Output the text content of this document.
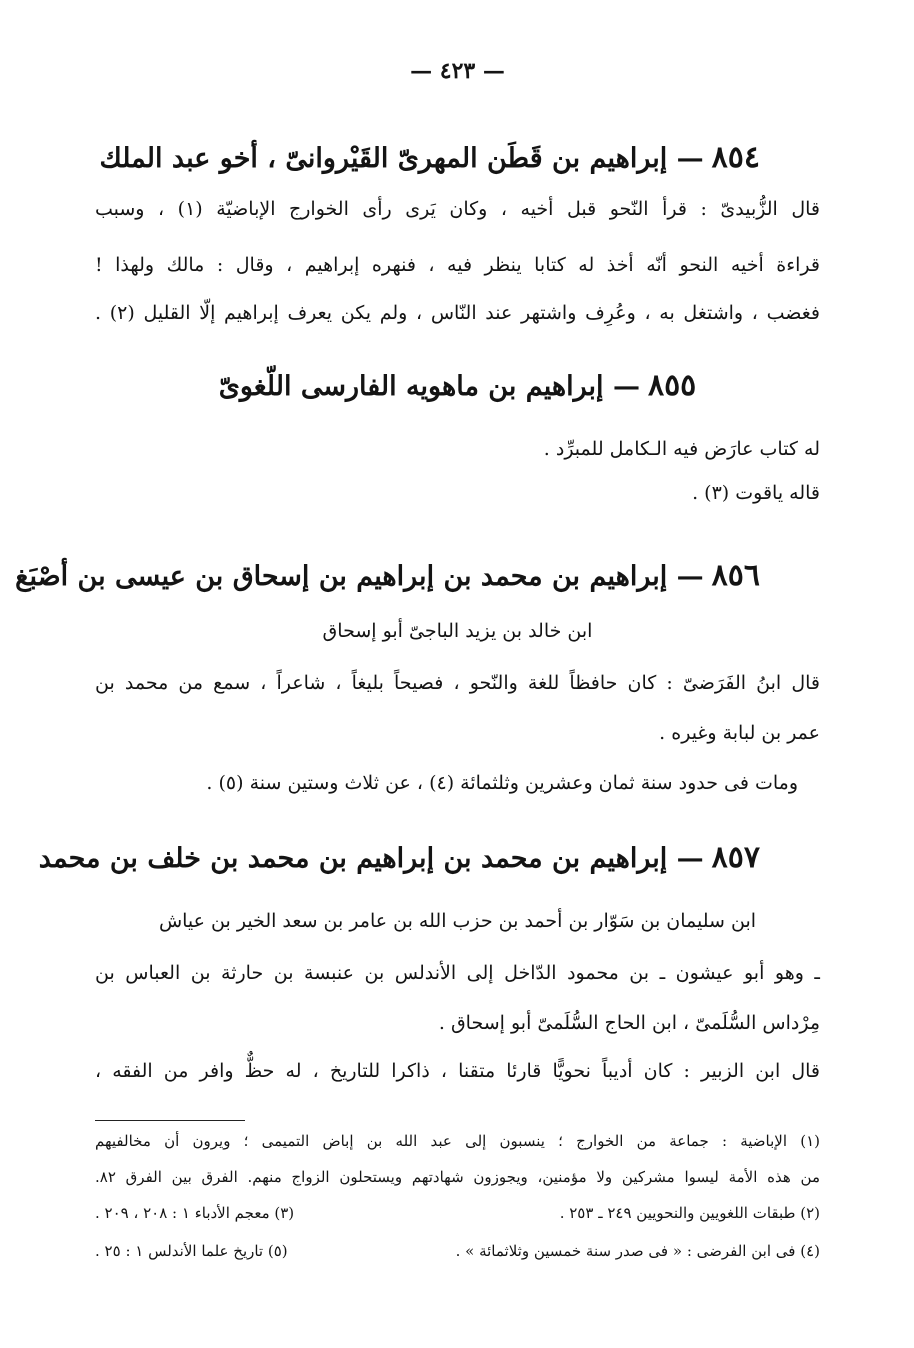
— ٤٢٣ —
٨٥٤— إبراهيم بن قَطَن المهرىّ القَيْروانىّ ، أخو عبد الملك
قال الزُّبيدىّ : قرأ النّحو قبل أخيه ، وكان يَرى رأى الخوارج الإباضيّة (١) ، وسبب
قراءة أخيه النحو أنّه أخذ له كتابا ينظر فيه ، فنهره إبراهيم ، وقال : مالك ولهذا !
فغضب ، واشتغل به ، وعُرِف واشتهر عند النّاس ، ولم يكن يعرف إبراهيم إلّا القليل (٢) .
٨٥٥— إبراهيم بن ماهويه الفارسى اللّغوىّ
له كتاب عارَض فيه الـكامل للمبرِّد .
قاله ياقوت (٣) .
٨٥٦— إبراهيم بن محمد بن إبراهيم بن إسحاق بن عيسى بن أصْبَغ
ابن خالد بن يزيد الباجىّ أبو إسحاق
قال ابنُ الفَرَضىّ : كان حافظاً للغة والنّحو ، فصيحاً بليغاً ، شاعراً ، سمع من محمد بن
عمر بن لبابة وغيره .
ومات فى حدود سنة ثمان وعشرين وثلثمائة (٤) ، عن ثلاث وستين سنة (٥) .
٨٥٧— إبراهيم بن محمد بن إبراهيم بن محمد بن خلف بن محمد
ابن سليمان بن سَوّار بن أحمد بن حزب الله بن عامر بن سعد الخير بن عياش
ـ وهو أبو عيشون ـ بن محمود الدّاخل إلى الأندلس بن عنبسة بن حارثة بن العباس بن
مِرْداس السُّلَمىّ ، ابن الحاج السُّلَمىّ أبو إسحاق .
قال ابن الزبير : كان أديباً نحويًّا قارئا متقنا ، ذاكرا للتاريخ ، له حظٌّ وافر من الفقه ،
(١) الإباضية : جماعة من الخوارج ؛ ينسبون إلى عبد الله بن إباض التميمى ؛ ويرون أن مخالفيهم
من هذه الأمة ليسوا مشركين ولا مؤمنين، ويجوزون شهادتهم ويستحلون الزواج منهم. الفرق بين الفرق ٨٢.
(٢) طبقات اللغويين والنحويين ٢٤٩ ـ ٢٥٣ .
(٣) معجم الأدباء ١ : ٢٠٨ ، ٢٠٩ .
(٤) فى ابن الفرضى : « فى صدر سنة خمسين وثلاثمائة » .
(٥) تاريخ علما الأندلس ١ : ٢٥ .
